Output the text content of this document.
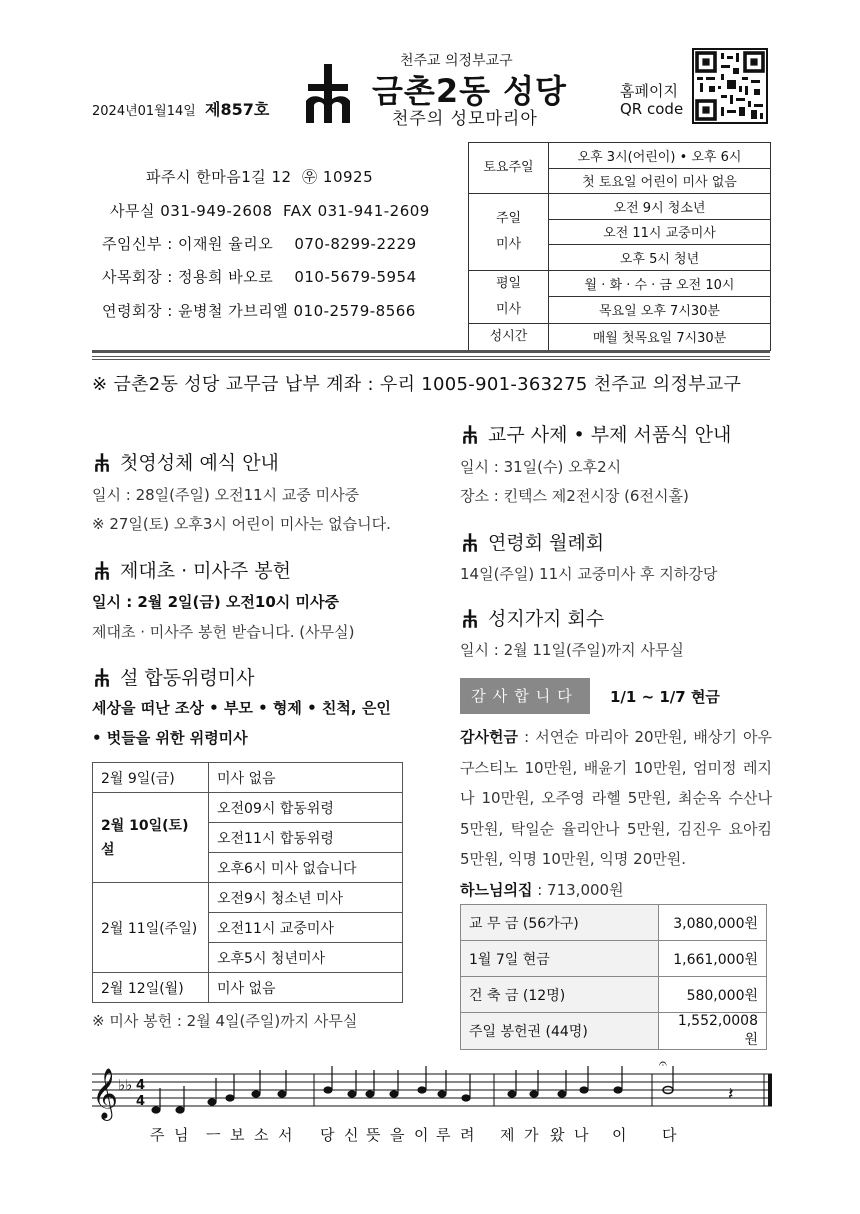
천주교 의정부교구
금촌2동 성당
천주의 성모마리아
2024년01월14일 제857호
홈페이지
QR code
파주시 한마음1길 12  ㉾ 10925
사무실 031-949-2608  FAX 031-941-2609
주임신부 : 이재원 율리오    070-8299-2229
사목회장 : 정용희 바오로    010-5679-5954
연령회장 : 윤병철 가브리엘 010-2579-8566
토요주일	오후 3시(어린이) • 오후 6시
	첫 토요일 어린이 미사 없음

주일
미사	오전 9시 청소년
	오전 11시 교중미사
	오후 5시 청년

평일
미사	월 · 화 · 수 · 금 오전 10시
	목요일 오후 7시30분
성시간	매월 첫목요일 7시30분
※ 금촌2동 성당 교무금 납부 계좌 : 우리 1005-901-363275 천주교 의정부교구
첫영성체 예식 안내
일시 : 28일(주일) 오전11시 교중 미사중
※ 27일(토) 오후3시 어린이 미사는 없습니다.
제대초 · 미사주 봉헌
일시 : 2월 2일(금) 오전10시 미사중
제대초 · 미사주 봉헌 받습니다. (사무실)
설 합동위령미사
세상을 떠난 조상 • 부모 • 형제 • 친척, 은인
• 벗들을 위한 위령미사
2월 9일(금)	미사 없음

2월 10일(토)
설	오전09시 합동위령
	오전11시 합동위령
	오후6시 미사 없습니다
2월 11일(주일)	오전9시 청소년 미사
	오전11시 교중미사
	오후5시 청년미사
2월 12일(월)	미사 없음
※ 미사 봉헌 : 2월 4일(주일)까지 사무실
교구 사제 • 부제 서품식 안내
일시 : 31일(수) 오후2시
장소 : 킨텍스 제2전시장 (6전시홀)
연령회 월례회
14일(주일) 11시 교중미사 후 지하강당
성지가지 회수
일시 : 2월 11일(주일)까지 사무실
감사합니다	1/1 ~ 1/7 현금
감사헌금 : 서연순 마리아 20만원, 배상기 아우구스티노 10만원, 배윤기 10만원, 엄미정 레지나 10만원, 오주영 라헬 5만원, 최순옥 수산나 5만원, 탁일순 율리안나 5만원, 김진우 요아킴 5만원, 익명 10만원, 익명 20만원.
하느님의집 : 713,000원
교 무 금 (56가구)	3,080,000원
1월 7일 현금	1,661,000원
건 축 금 (12명)	580,000원
주일 봉헌권 (44명)	1,552,0008원
𝄞 ♭♭ 4
4
𝄐
𝄽
주 님 ㅡ 보 소 서 당 신 뜻 을 이 루 려 제 가 왔 나 이 다
